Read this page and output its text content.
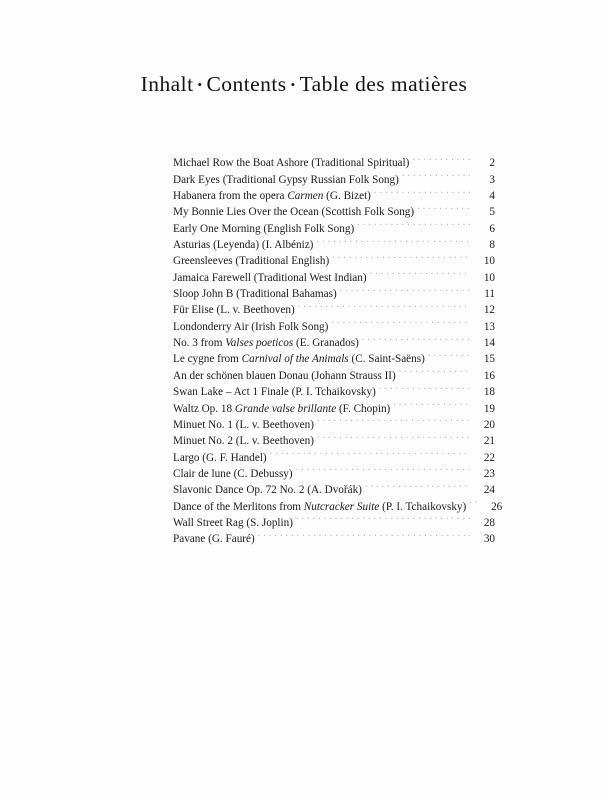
Inhalt • Contents • Table des matières
Michael Row the Boat Ashore (Traditional Spiritual) . . .	2
Dark Eyes (Traditional Gypsy Russian Folk Song) . . .	3
Habanera from the opera Carmen (G. Bizet) . . .	4
My Bonnie Lies Over the Ocean (Scottish Folk Song) . . .	5
Early One Morning (English Folk Song) . . .	6
Asturias (Leyenda) (I. Albéniz) . . .	8
Greensleeves (Traditional English) . . .	10
Jamaica Farewell (Traditional West Indian) . . .	10
Sloop John B (Traditional Bahamas) . . .	11
Für Elise (L. v. Beethoven) . . .	12
Londonderry Air (Irish Folk Song) . . .	13
No. 3 from Valses poeticos (E. Granados) . . .	14
Le cygne from Carnival of the Animals (C. Saint-Saëns) . . .	15
An der schönen blauen Donau (Johann Strauss II) . . .	16
Swan Lake – Act 1 Finale (P. I. Tchaikovsky) . . .	18
Waltz Op. 18 Grande valse brillante (F. Chopin) . . .	19
Minuet No. 1 (L. v. Beethoven) . . .	20
Minuet No. 2 (L. v. Beethoven) . . .	21
Largo (G. F. Handel) . . .	22
Clair de lune (C. Debussy) . . .	23
Slavonic Dance Op. 72 No. 2 (A. Dvořák) . . .	24
Dance of the Merlitons from Nutcracker Suite (P. I. Tchaikovsky) . . .	26
Wall Street Rag (S. Joplin) . . .	28
Pavane (G. Fauré) . . .	30
